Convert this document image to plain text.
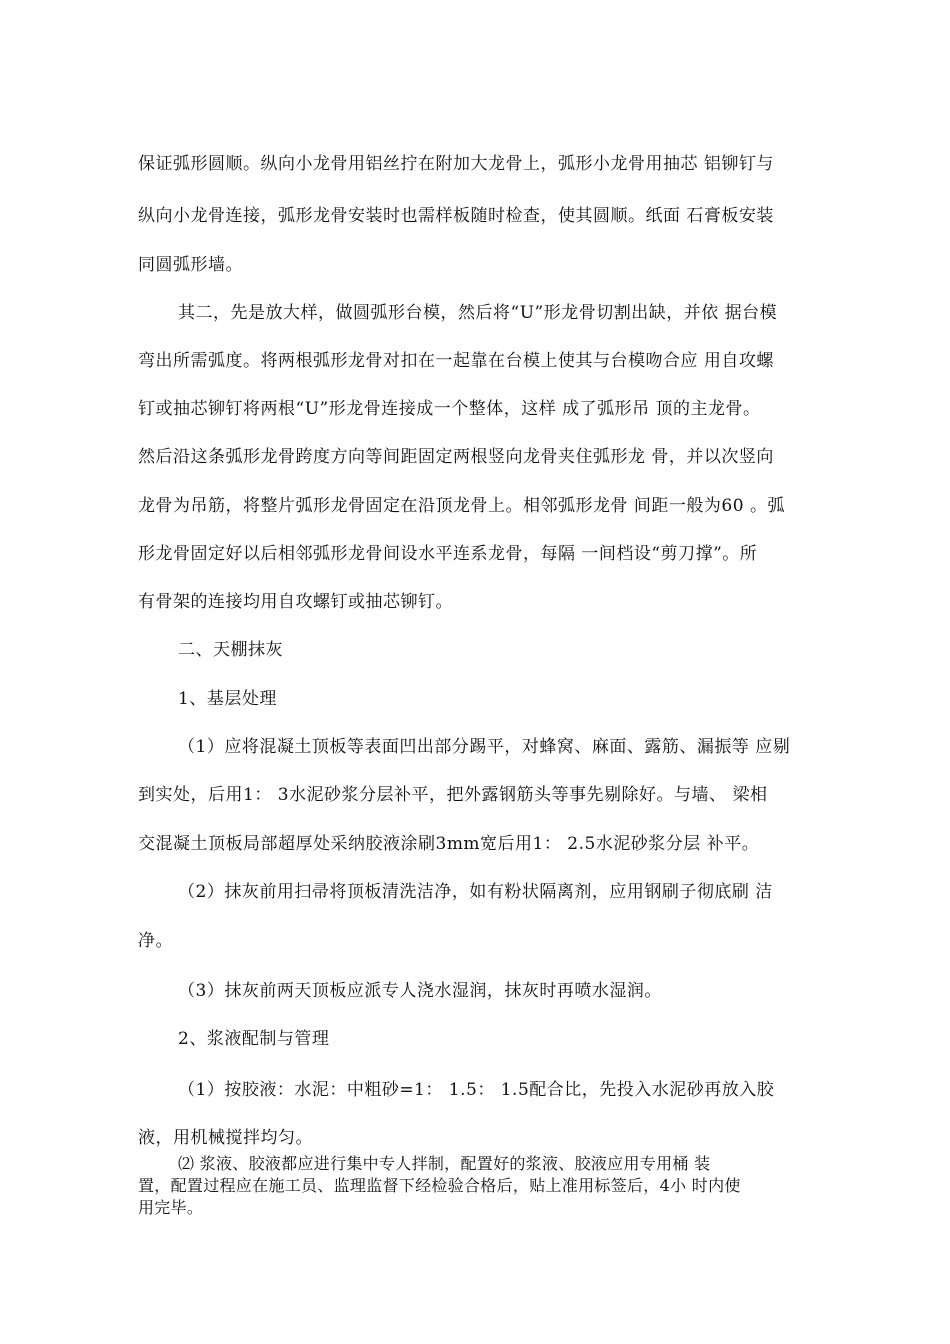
保证弧形圆顺。纵向小龙骨用铝丝拧在附加大龙骨上，弧形小龙骨用抽芯 铝铆钉与
纵向小龙骨连接，弧形龙骨安装时也需样板随时检查，使其圆顺。纸面 石膏板安装
同圆弧形墙。
其二，先是放大样，做圆弧形台模，然后将“U”形龙骨切割出缺，并依 据台模
弯出所需弧度。将两根弧形龙骨对扣在一起靠在台模上使其与台模吻合应 用自攻螺
钉或抽芯铆钉将两根“U”形龙骨连接成一个整体，这样 成了弧形吊 顶的主龙骨。
然后沿这条弧形龙骨跨度方向等间距固定两根竖向龙骨夹住弧形龙 骨，并以次竖向
龙骨为吊筋，将整片弧形龙骨固定在沿顶龙骨上。相邻弧形龙骨 间距一般为60 。弧
形龙骨固定好以后相邻弧形龙骨间设水平连系龙骨，每隔 一间档设“剪刀撑”。所
有骨架的连接均用自攻螺钉或抽芯铆钉。
二、天棚抹灰
1、基层处理
（1）应将混凝土顶板等表面凹出部分踢平，对蜂窝、麻面、露筋、漏振等 应剔
到实处，后用1： 3水泥砂浆分层补平，把外露钢筋头等事先剔除好。与墙、 梁相
交混凝土顶板局部超厚处采纳胶液涂刷3mm宽后用1： 2.5水泥砂浆分层 补平。
（2）抹灰前用扫帚将顶板清洗洁净，如有粉状隔离剂，应用钢刷子彻底刷 洁
净。
（3）抹灰前两天顶板应派专人浇水湿润，抹灰时再喷水湿润。
2、浆液配制与管理
（1）按胶液：水泥：中粗砂=1： 1.5： 1.5配合比，先投入水泥砂再放入胶
液，用机械搅拌均匀。
⑵ 浆液、胶液都应进行集中专人拌制，配置好的浆液、胶液应用专用桶 装
置，配置过程应在施工员、监理监督下经检验合格后，贴上准用标签后，4小 时内使
用完毕。
